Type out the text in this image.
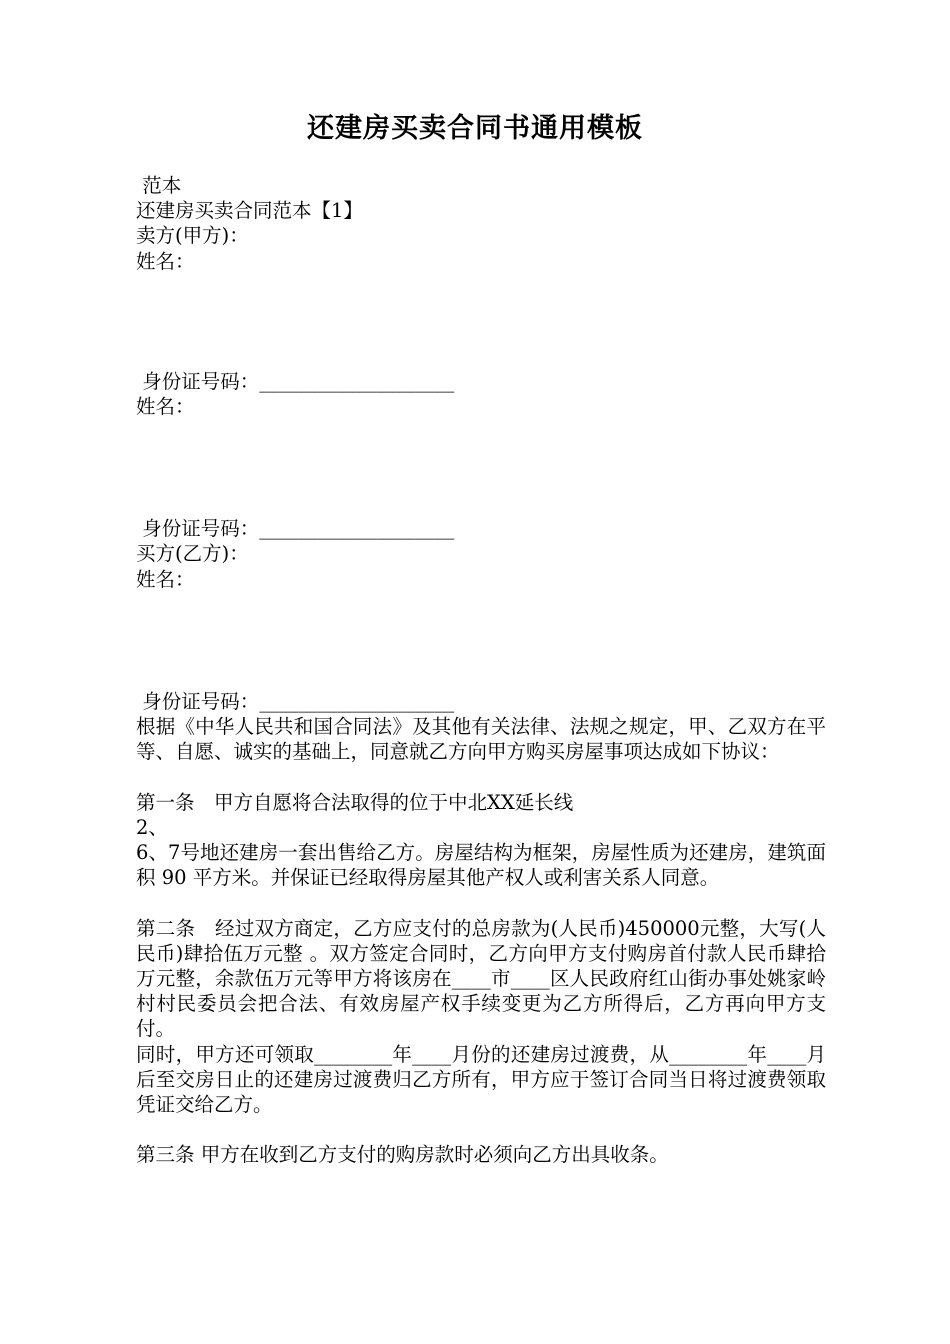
还建房买卖合同书通用模板

范本

还建房买卖合同范本【1】

卖方(甲方)：

姓名：

身份证号码：____________________

姓名：

身份证号码：____________________

买方(乙方)：

姓名：

身份证号码：____________________

根据《中华人民共和国合同法》及其他有关法律、法规之规定，甲、乙双方在平等、自愿、诚实的基础上，同意就乙方向甲方购买房屋事项达成如下协议：

第一条　甲方自愿将合法取得的位于中北XX延长线

2、

6、7号地还建房一套出售给乙方。房屋结构为框架，房屋性质为还建房，建筑面积 90 平方米。并保证已经取得房屋其他产权人或利害关系人同意。

第二条　经过双方商定，乙方应支付的总房款为(人民币)450000元整，大写(人民币)肆拾伍万元整 。双方签定合同时，乙方向甲方支付购房首付款人民币肆拾万元整，余款伍万元等甲方将该房在____市____区人民政府红山街办事处姚家岭村村民委员会把合法、有效房屋产权手续变更为乙方所得后，乙方再向甲方支付。

同时，甲方还可领取________年____月份的还建房过渡费，从________年____月后至交房日止的还建房过渡费归乙方所有，甲方应于签订合同当日将过渡费领取凭证交给乙方。

第三条 甲方在收到乙方支付的购房款时必须向乙方出具收条。
